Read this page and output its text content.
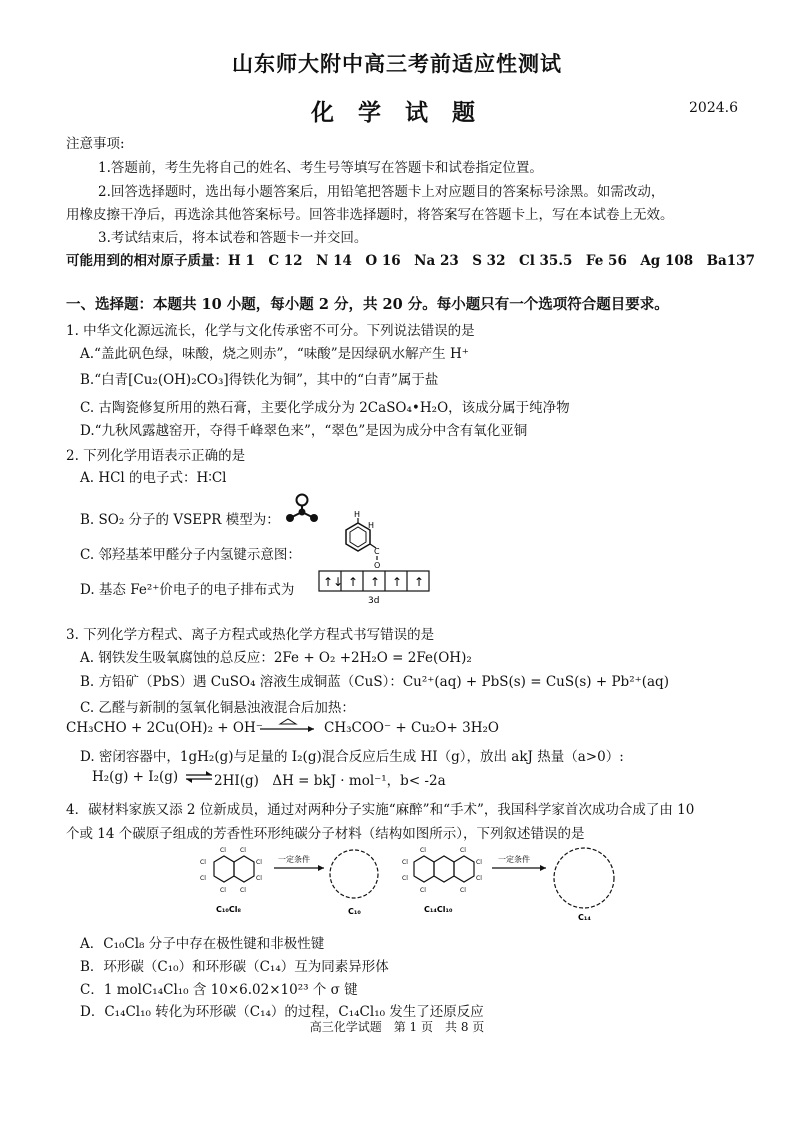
山东师大附中高三考前适应性测试
化 学 试 题	2024.6
注意事项:
1.答题前，考生先将自己的姓名、考生号等填写在答题卡和试卷指定位置。
2.回答选择题时，选出每小题答案后，用铅笔把答题卡上对应题目的答案标号涂黑。如需改动，
用橡皮擦干净后，再选涂其他答案标号。回答非选择题时，将答案写在答题卡上，写在本试卷上无效。
3.考试结束后，将本试卷和答题卡一并交回。
可能用到的相对原子质量：H 1　C 12　N 14　O 16　Na 23　S 32　Cl 35.5　Fe 56　Ag 108　Ba137
一、选择题：本题共 10 小题，每小题 2 分，共 20 分。每小题只有一个选项符合题目要求。
1. 中华文化源远流长，化学与文化传承密不可分。下列说法错误的是
A.“盖此矾色绿，味酸，烧之则赤”，“味酸”是因绿矾水解产生 H⁺
B.“白青[Cu₂(OH)₂CO₃]得铁化为铜”，其中的“白青”属于盐
C. 古陶瓷修复所用的熟石膏，主要化学成分为 2CaSO₄•H₂O，该成分属于纯净物
D.“九秋风露越窑开，夺得千峰翠色来”，“翠色”是因为成分中含有氧化亚铜
2. 下列化学用语表示正确的是
A. HCl 的电子式：H∶Cl
B. SO₂ 分子的 VSEPR 模型为：
C. 邻羟基苯甲醛分子内氢键示意图：
H
H
C
O
D. 基态 Fe²⁺价电子的电子排布式为 ↑↓ ↑ ↑ ↑ ↑
3d
3. 下列化学方程式、离子方程式或热化学方程式书写错误的是
A. 钢铁发生吸氧腐蚀的总反应：2Fe + O₂ +2H₂O = 2Fe(OH)₂
B. 方铅矿（PbS）遇 CuSO₄ 溶液生成铜蓝（CuS）：Cu²⁺(aq) + PbS(s) = CuS(s) + Pb²⁺(aq)
C. 乙醛与新制的氢氧化铜悬浊液混合后加热：
CH₃CHO + 2Cu(OH)₂ + OH⁻	CH₃COO⁻ + Cu₂O+ 3H₂O
D. 密闭容器中，1gH₂(g)与足量的 I₂(g)混合反应后生成 HI（g），放出 akJ 热量（a>0）:
H₂(g) + I₂(g) ⇌ 2HI(g)　ΔH = bkJ · mol⁻¹，b< -2a
4．碳材料家族又添 2 位新成员，通过对两种分子实施“麻醉”和“手术”，我国科学家首次成功合成了由 10
个或 14 个碳原子组成的芳香性环形纯碳分子材料（结构如图所示），下列叙述错误的是
Cl
Cl
Cl Cl
Cl
Cl
Cl Cl
C₁₀Cl₈
一定条件
C₁₀
Cl
Cl
Cl
Cl
Cl	Cl
Cl	Cl
C₁₄Cl₁₀
一定条件
C₁₄
A．C₁₀Cl₈ 分子中存在极性键和非极性键
B．环形碳（C₁₀）和环形碳（C₁₄）互为同素异形体
C．1 molC₁₄Cl₁₀ 含 10×6.02×10²³ 个 σ 键
D．C₁₄Cl₁₀ 转化为环形碳（C₁₄）的过程，C₁₄Cl₁₀ 发生了还原反应
高三化学试题　第 1 页　共 8 页
